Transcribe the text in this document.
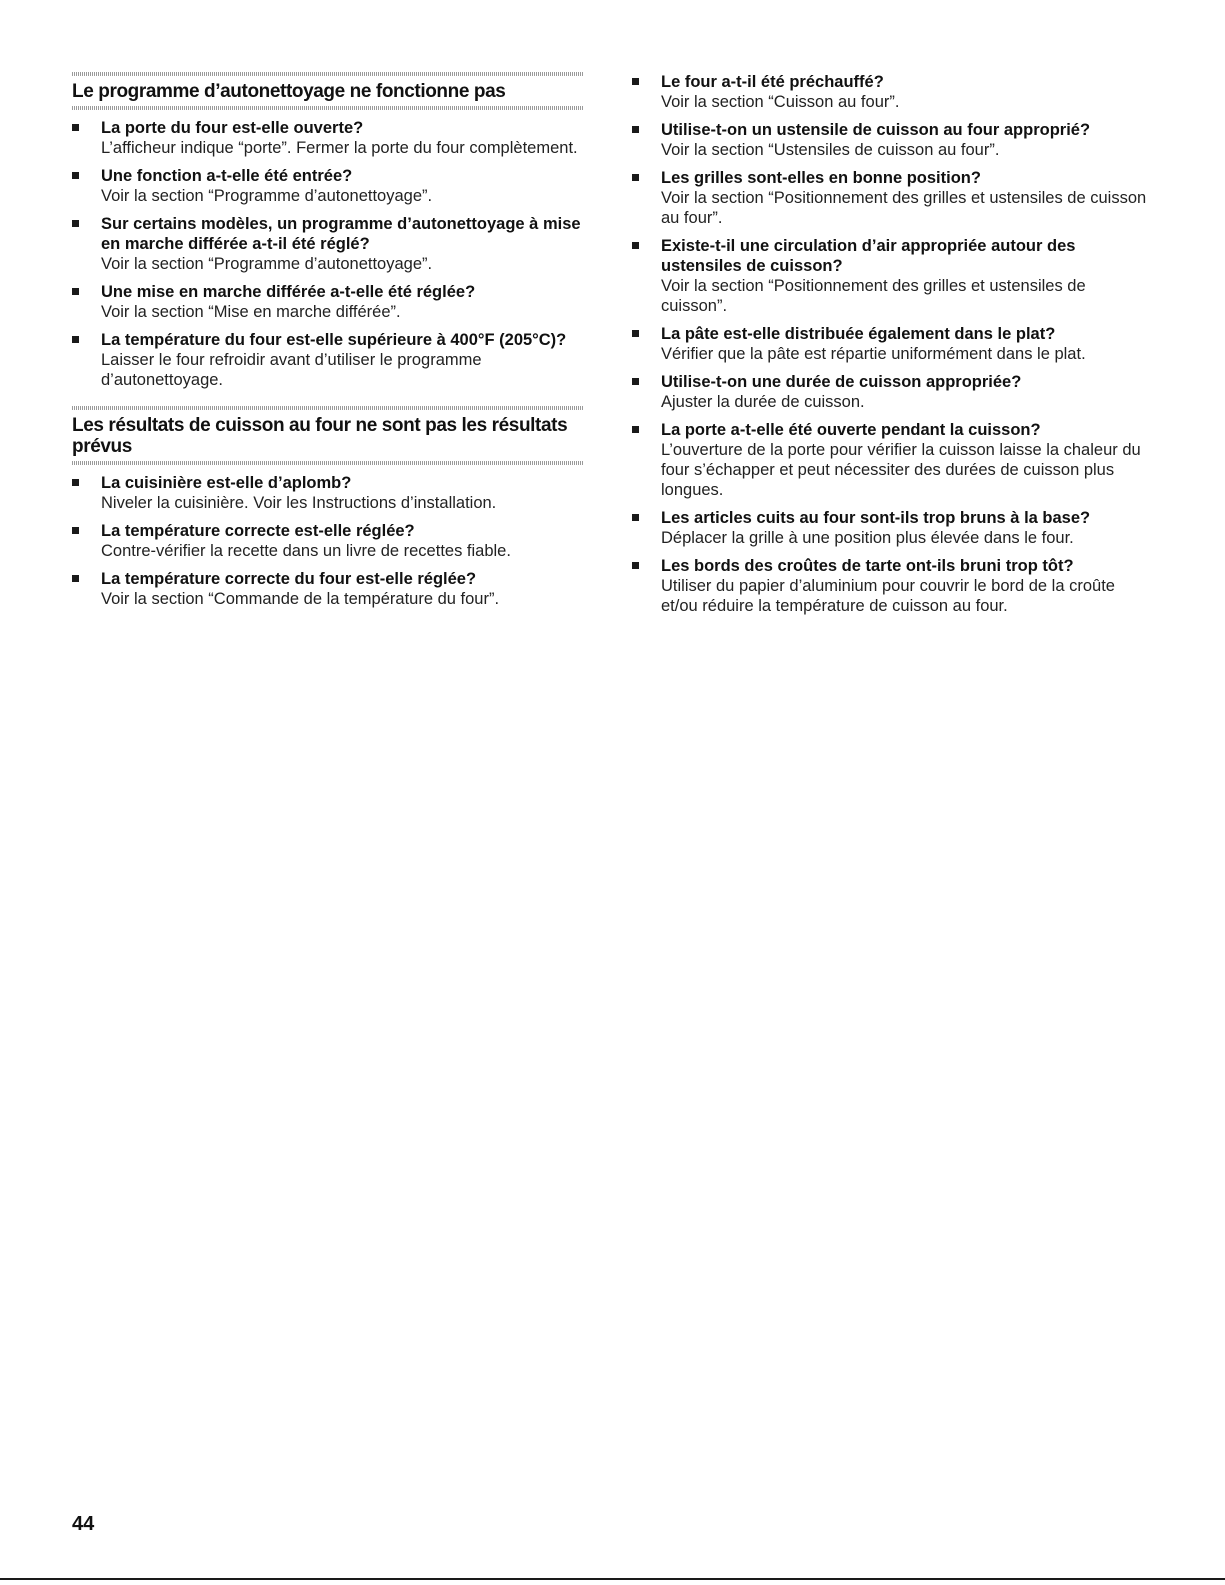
Le programme d’autonettoyage ne fonctionne pas
La porte du four est-elle ouverte?
L’afficheur indique “porte”. Fermer la porte du four complètement.
Une fonction a-t-elle été entrée?
Voir la section “Programme d’autonettoyage”.
Sur certains modèles, un programme d’autonettoyage à mise en marche différée a-t-il été réglé?
Voir la section “Programme d’autonettoyage”.
Une mise en marche différée a-t-elle été réglée?
Voir la section “Mise en marche différée”.
La température du four est-elle supérieure à 400°F (205°C)?
Laisser le four refroidir avant d’utiliser le programme d’autonettoyage.
Les résultats de cuisson au four ne sont pas les résultats prévus
La cuisinière est-elle d’aplomb?
Niveler la cuisinière. Voir les Instructions d’installation.
La température correcte est-elle réglée?
Contre-vérifier la recette dans un livre de recettes fiable.
La température correcte du four est-elle réglée?
Voir la section “Commande de la température du four”.
Le four a-t-il été préchauffé?
Voir la section “Cuisson au four”.
Utilise-t-on un ustensile de cuisson au four approprié?
Voir la section “Ustensiles de cuisson au four”.
Les grilles sont-elles en bonne position?
Voir la section “Positionnement des grilles et ustensiles de cuisson au four”.
Existe-t-il une circulation d’air appropriée autour des ustensiles de cuisson?
Voir la section “Positionnement des grilles et ustensiles de cuisson”.
La pâte est-elle distribuée également dans le plat?
Vérifier que la pâte est répartie uniformément dans le plat.
Utilise-t-on une durée de cuisson appropriée?
Ajuster la durée de cuisson.
La porte a-t-elle été ouverte pendant la cuisson?
L’ouverture de la porte pour vérifier la cuisson laisse la chaleur du four s’échapper et peut nécessiter des durées de cuisson plus longues.
Les articles cuits au four sont-ils trop bruns à la base?
Déplacer la grille à une position plus élevée dans le four.
Les bords des croûtes de tarte ont-ils bruni trop tôt?
Utiliser du papier d’aluminium pour couvrir le bord de la croûte et/ou réduire la température de cuisson au four.
44
